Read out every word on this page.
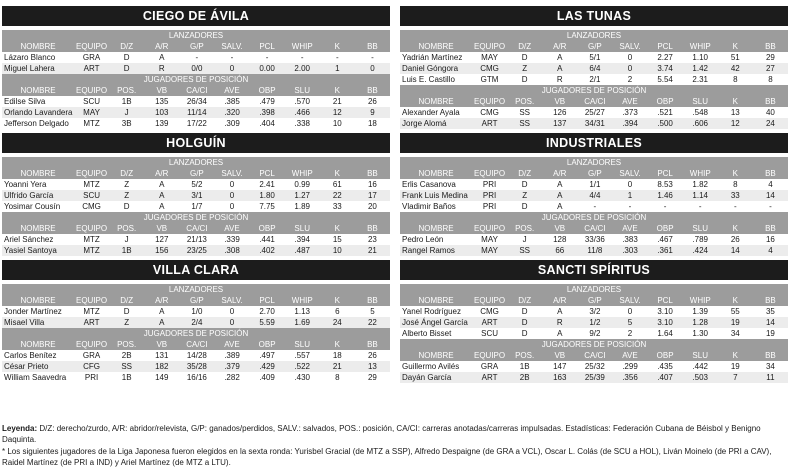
CIEGO DE ÁVILA
LANZADORES
NOMBRE	EQUIPO	D/Z	A/R	G/P	SALV.	PCL	WHIP	K	BB
Lázaro Blanco	GRA	D	A	-	-	-	-	-	-
Miguel Lahera	ART	D	R	0/0	0	0.00	2.00	1	0
JUGADORES DE POSICIÓN
NOMBRE	EQUIPO	POS.	VB	CA/CI	AVE	OBP	SLU	K	BB
Edilse Silva	SCU	1B	135	26/34	.385	.479	.570	21	26
Orlando Lavandera	MAY	J	103	11/14	.320	.398	.466	12	9
Jefferson Delgado	MTZ	3B	139	17/22	.309	.404	.338	10	18
HOLGUÍN
LANZADORES
NOMBRE	EQUIPO	D/Z	A/R	G/P	SALV.	PCL	WHIP	K	BB
Yoanni Yera	MTZ	Z	A	5/2	0	2.41	0.99	61	16
Ulfrido García	SCU	Z	A	3/1	0	1.80	1.27	22	17
Yosimar Cousín	CMG	D	A	1/7	0	7.75	1.89	33	20
JUGADORES DE POSICIÓN
NOMBRE	EQUIPO	POS.	VB	CA/CI	AVE	OBP	SLU	K	BB
Ariel Sánchez	MTZ	J	127	21/13	.339	.441	.394	15	23
Yasiel Santoya	MTZ	1B	156	23/25	.308	.402	.487	10	21
VILLA CLARA
LANZADORES
NOMBRE	EQUIPO	D/Z	A/R	G/P	SALV.	PCL	WHIP	K	BB
Jonder Martínez	MTZ	D	A	1/0	0	2.70	1.13	6	5
Misael Villa	ART	Z	A	2/4	0	5.59	1.69	24	22
JUGADORES DE POSICIÓN
NOMBRE	EQUIPO	POS.	VB	CA/CI	AVE	OBP	SLU	K	BB
Carlos Benítez	GRA	2B	131	14/28	.389	.497	.557	18	26
César Prieto	CFG	SS	182	35/28	.379	.429	.522	21	13
William Saavedra	PRI	1B	149	16/16	.282	.409	.430	8	29
LAS TUNAS
LANZADORES
NOMBRE	EQUIPO	D/Z	A/R	G/P	SALV.	PCL	WHIP	K	BB
Yadrián Martínez	MAY	D	A	5/1	0	2.27	1.10	51	29
Daniel Góngora	CMG	Z	A	6/4	0	3.74	1.42	42	27
Luis E. Castillo	GTM	D	R	2/1	2	5.54	2.31	8	8
JUGADORES DE POSICIÓN
NOMBRE	EQUIPO	POS.	VB	CA/CI	AVE	OBP	SLU	K	BB
Alexander Ayala	CMG	SS	126	25/27	.373	.521	.548	13	40
Jorge Alomá	ART	SS	137	34/31	.394	.500	.606	12	24
INDUSTRIALES
LANZADORES
NOMBRE	EQUIPO	D/Z	A/R	G/P	SALV.	PCL	WHIP	K	BB
Erlis Casanova	PRI	D	A	1/1	0	8.53	1.82	8	4
Frank Luis Medina	PRI	Z	A	4/4	1	1.46	1.14	33	14
Vladimir Baños	PRI	D	A	-	-	-	-	-	-
JUGADORES DE POSICIÓN
NOMBRE	EQUIPO	POS.	VB	CA/CI	AVE	OBP	SLU	K	BB
Pedro León	MAY	J	128	33/36	.383	.467	.789	26	16
Rangel Ramos	MAY	SS	66	11/8	.303	.361	.424	14	4
SANCTI SPÍRITUS
LANZADORES
NOMBRE	EQUIPO	D/Z	A/R	G/P	SALV.	PCL	WHIP	K	BB
Yanel Rodríguez	CMG	D	A	3/2	0	3.10	1.39	55	35
José Ángel García	ART	D	R	1/2	5	3.10	1.28	19	14
Alberto Bisset	SCU	D	A	9/2	2	1.64	1.30	34	19
JUGADORES DE POSICIÓN
NOMBRE	EQUIPO	POS.	VB	CA/CI	AVE	OBP	SLU	K	BB
Guillermo Avilés	GRA	1B	147	25/32	.299	.435	.442	19	34
Dayán García	ART	2B	163	25/39	.356	.407	.503	7	11

Leyenda: D/Z: derecho/zurdo, A/R: abridor/relevista, G/P: ganados/perdidos, SALV.: salvados, POS.: posición, CA/CI: carreras anotadas/carreras impulsadas. Estadísticas: Federación Cubana de Béisbol y Benigno Daquinta.

* Los siguientes jugadores de la Liga Japonesa fueron elegidos en la sexta ronda: Yurisbel Gracial (de MTZ a SSP), Alfredo Despaigne (de GRA a VCL), Oscar L. Colás (de SCU a HOL), Liván Moinelo (de PRI a CAV), Raidel Martínez (de PRI a IND) y Ariel Martínez (de MTZ a LTU).
